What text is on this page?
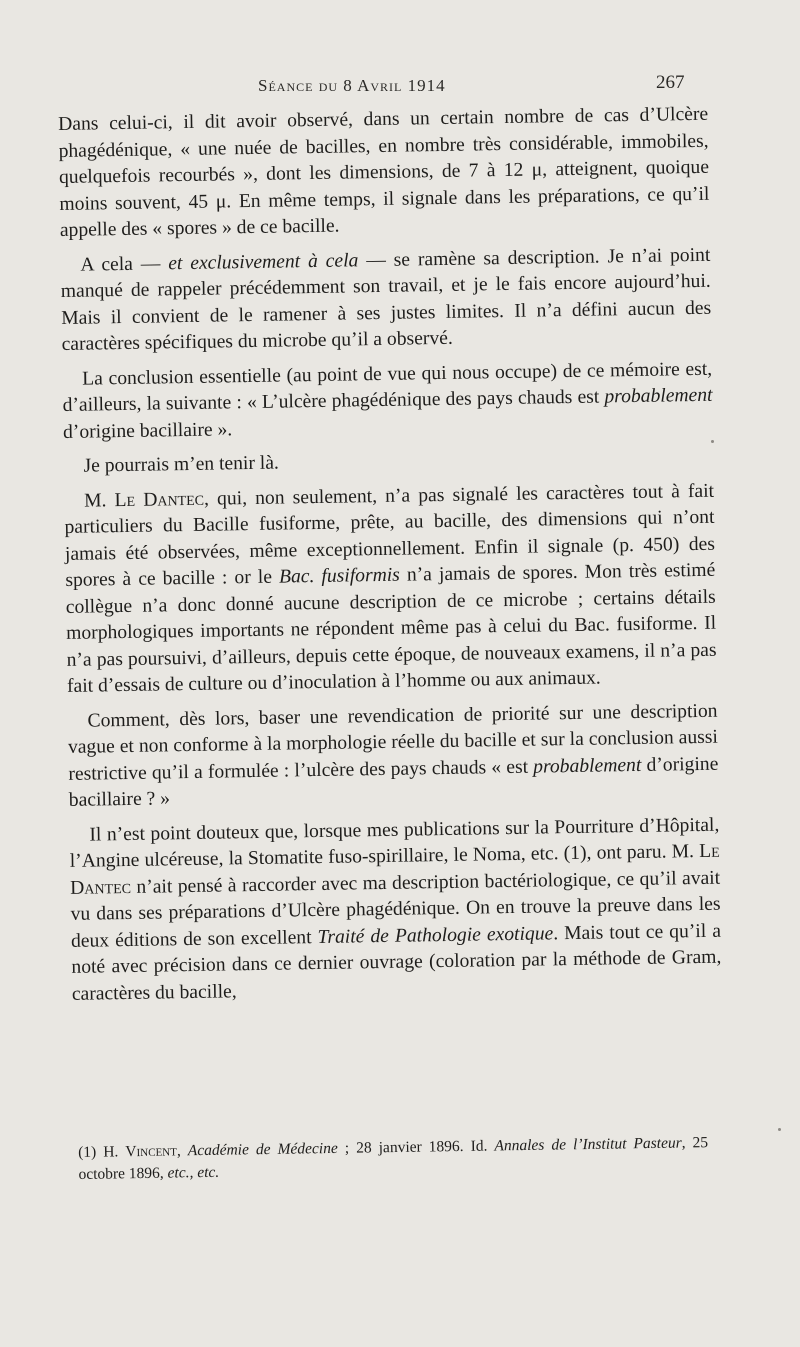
Séance du 8 Avril 1914	267

Dans celui-ci, il dit avoir observé, dans un certain nombre de cas d’Ulcère phagédénique, « une nuée de bacilles, en nombre très considérable, immobiles, quelquefois recourbés », dont les dimensions, de 7 à 12 μ, atteignent, quoique moins souvent, 45 μ. En même temps, il signale dans les préparations, ce qu’il appelle des « spores » de ce bacille.

A cela — et exclusivement à cela — se ramène sa description. Je n’ai point manqué de rappeler précédemment son travail, et je le fais encore aujourd’hui. Mais il convient de le ramener à ses justes limites. Il n’a défini aucun des caractères spécifiques du microbe qu’il a observé.

La conclusion essentielle (au point de vue qui nous occupe) de ce mémoire est, d’ailleurs, la suivante : « L’ulcère phagédénique des pays chauds est probablement d’origine bacillaire ».

Je pourrais m’en tenir là.

M. Le Dantec, qui, non seulement, n’a pas signalé les caractères tout à fait particuliers du Bacille fusiforme, prête, au bacille, des dimensions qui n’ont jamais été observées, même exceptionnellement. Enfin il signale (p. 450) des spores à ce bacille : or le Bac. fusiformis n’a jamais de spores. Mon très estimé collègue n’a donc donné aucune description de ce microbe ; certains détails morphologiques importants ne répondent même pas à celui du Bac. fusiforme. Il n’a pas poursuivi, d’ailleurs, depuis cette époque, de nouveaux examens, il n’a pas fait d’essais de culture ou d’inoculation à l’homme ou aux animaux.

Comment, dès lors, baser une revendication de priorité sur une description vague et non conforme à la morphologie réelle du bacille et sur la conclusion aussi restrictive qu’il a formulée : l’ulcère des pays chauds « est probablement d’origine bacillaire ? »

Il n’est point douteux que, lorsque mes publications sur la Pourriture d’Hôpital, l’Angine ulcéreuse, la Stomatite fuso-spirillaire, le Noma, etc. (1), ont paru. M. Le Dantec n’ait pensé à raccorder avec ma description bactériologique, ce qu’il avait vu dans ses préparations d’Ulcère phagédénique. On en trouve la preuve dans les deux éditions de son excellent Traité de Pathologie exotique. Mais tout ce qu’il a noté avec précision dans ce dernier ouvrage (coloration par la méthode de Gram, caractères du bacille,

(1) H. Vincent, Académie de Médecine ; 28 janvier 1896. Id. Annales de l’Institut Pasteur, 25 octobre 1896, etc., etc.
